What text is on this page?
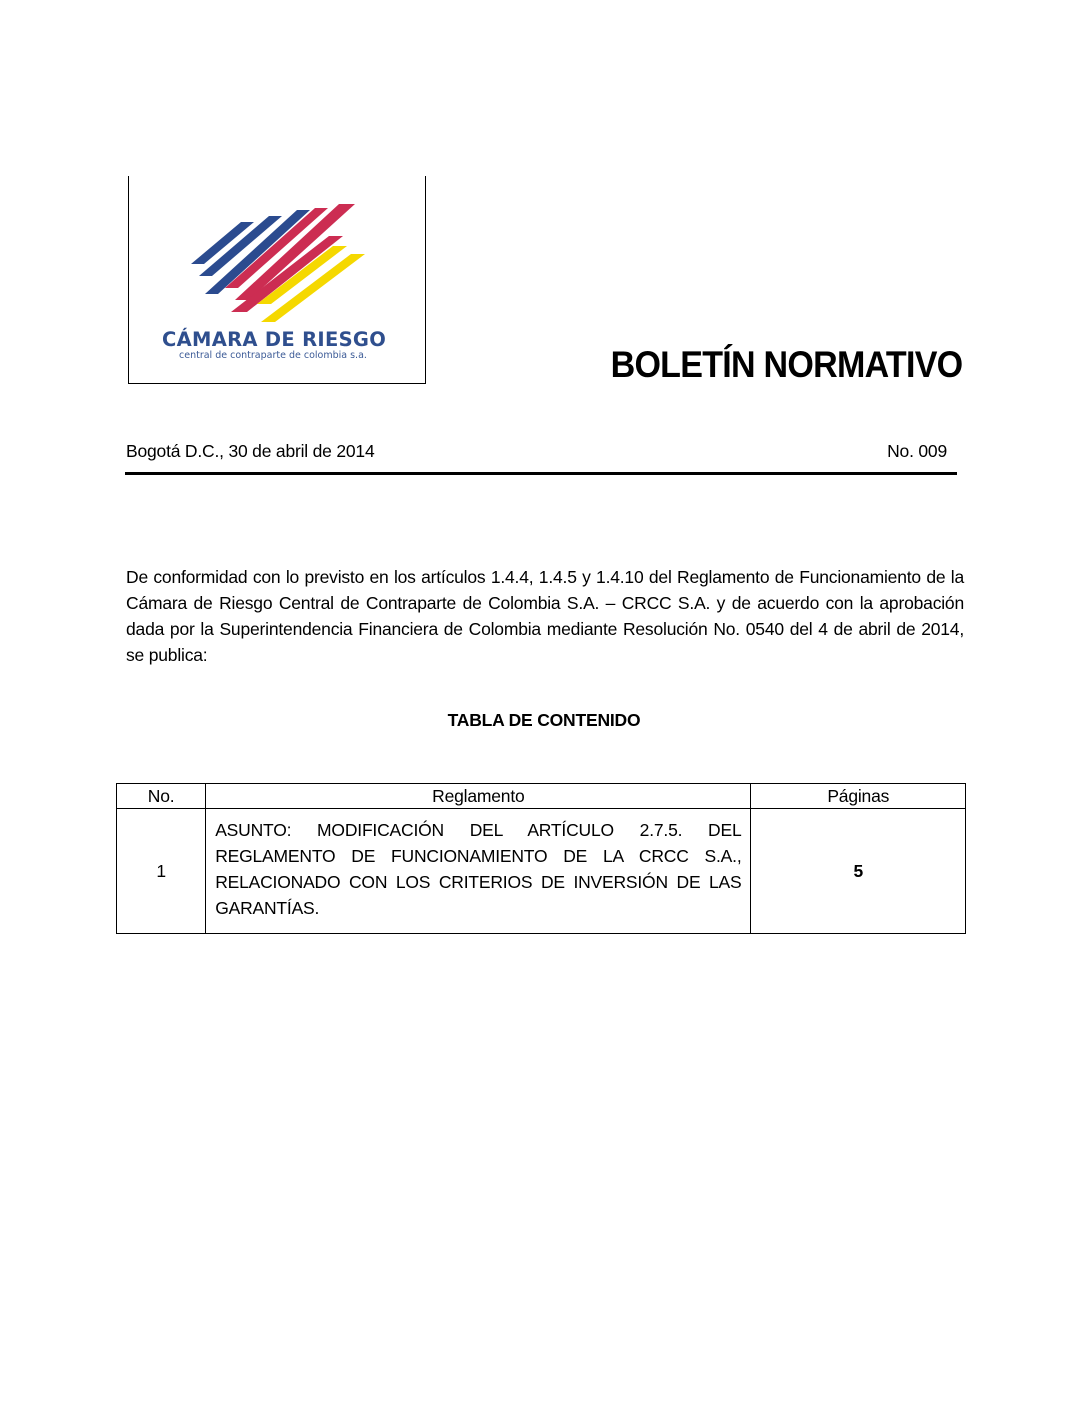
CÁMARA DE RIESGO
central de contraparte de colombia s.a.	BOLETÍN NORMATIVO
Bogotá D.C., 30 de abril de 2014	No. 009

De conformidad con lo previsto en los artículos 1.4.4, 1.4.5 y 1.4.10 del Reglamento de Funcionamiento de la Cámara de Riesgo Central de Contraparte de Colombia S.A. – CRCC S.A. y de acuerdo con la aprobación dada por la Superintendencia Financiera de Colombia mediante Resolución No. 0540 del 4 de abril de 2014, se publica:

TABLA DE CONTENIDO
No.	Reglamento	Páginas
1	ASUNTO: MODIFICACIÓN DEL ARTÍCULO 2.7.5. DEL REGLAMENTO DE FUNCIONAMIENTO DE LA CRCC S.A., RELACIONADO CON LOS CRITERIOS DE INVERSIÓN DE LAS GARANTÍAS.	5
